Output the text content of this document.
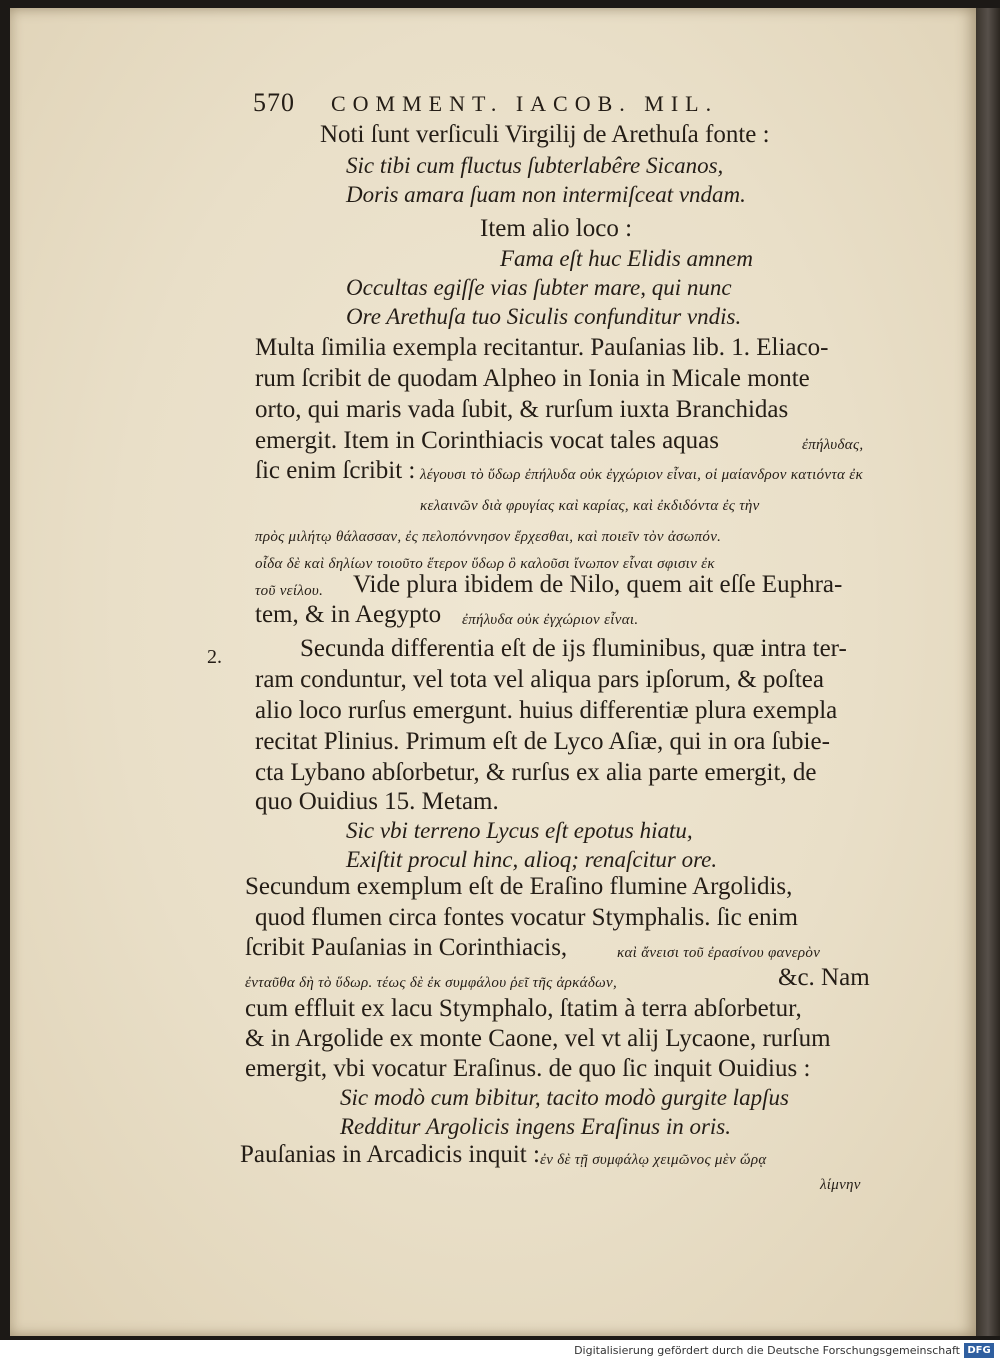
570 COMMENT. IACOB. MIL.
2.
Noti ſunt verſiculi Virgilij de Arethuſa fonte :
Sic tibi cum fluctus ſubterlabêre Sicanos,
Doris amara ſuam non intermiſceat vndam.
Item alio loco :
Fama eſt huc Elidis amnem
Occultas egiſſe vias ſubter mare, qui nunc
Ore Arethuſa tuo Siculis confunditur vndis.
Multa ſimilia exempla recitantur. Pauſanias lib. 1. Eliaco-
rum ſcribit de quodam Alpheo in Ionia in Micale monte
orto, qui maris vada ſubit, & rurſum iuxta Branchidas
emergit. Item in Corinthiacis vocat tales aquas	ἐπήλυδας,
ſic enim ſcribit : λέγουσι τὸ ὕδωρ ἐπήλυδα οὐκ ἐγχώριον εἶναι, οἱ μαίανδρον κατιόντα ἐκ κελαινῶν διὰ φρυγίας καὶ καρίας, καὶ ἐκδιδόντα ἐς τὴν
πρὸς μιλήτῳ θάλασσαν, ἐς πελοπόννησον ἔρχεσθαι, καὶ ποιεῖν τὸν ἀσωπόν.
οἶδα δὲ καὶ δηλίων τοιοῦτο ἕτερον ὕδωρ ὃ καλοῦσι ἴνωπον εἶναι σφισιν ἐκ
τοῦ νείλου. Vide plura ibidem de Nilo, quem ait eſſe Euphra-
tem, & in Aegypto ἐπήλυδα οὐκ ἐγχώριον εἶναι.
Secunda differentia eſt de ijs fluminibus, quæ intra ter-
ram conduntur, vel tota vel aliqua pars ipſorum, & poſtea
alio loco rurſus emergunt. huius differentiæ plura exempla
recitat Plinius. Primum eſt de Lyco Aſiæ, qui in ora ſubie-
cta Lybano abſorbetur, & rurſus ex alia parte emergit, de
quo Ouidius 15. Metam.
Sic vbi terreno Lycus eſt epotus hiatu,
Exiſtit procul hinc, alioq; renaſcitur ore.
Secundum exemplum eſt de Eraſino flumine Argolidis,
quod flumen circa fontes vocatur Stymphalis. ſic enim
ſcribit Pauſanias in Corinthiacis,	καὶ ἄνεισι τοῦ ἐρασίνου φανερὸν
ἐνταῦθα δὴ τὸ ὕδωρ. τέως δὲ ἐκ συμφάλου ῥεῖ τῆς ἀρκάδων,	&c. Nam
cum effluit ex lacu Stymphalo, ſtatim à terra abſorbetur,
& in Argolide ex monte Caone, vel vt alij Lycaone, rurſum
emergit, vbi vocatur Eraſinus. de quo ſic inquit Ouidius :
Sic modò cum bibitur, tacito modò gurgite lapſus
Redditur Argolicis ingens Eraſinus in oris.
Pauſanias in Arcadicis inquit : ἐν δὲ τῇ συμφάλῳ χειμῶνος μὲν ὥρᾳ
λίμνην
Digitalisierung gefördert durch die Deutsche Forschungsgemeinschaft DFG
